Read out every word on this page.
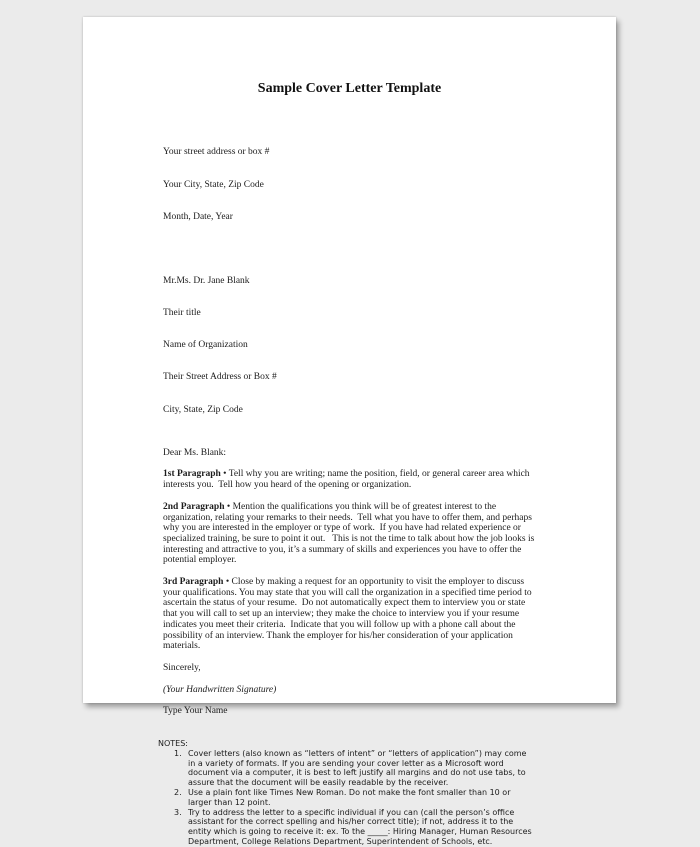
Sample Cover Letter Template

Your street address or box #

Your City, State, Zip Code

Month, Date, Year

Mr.Ms. Dr. Jane Blank

Their title

Name of Organization

Their Street Address or Box #

City, State, Zip Code

Dear Ms. Blank:
1st Paragraph • Tell why you are writing; name the position, field, or general career area which interests you.  Tell how you heard of the opening or organization.
2nd Paragraph • Mention the qualifications you think will be of greatest interest to the organization, relating your remarks to their needs.  Tell what you have to offer them, and perhaps why you are interested in the employer or type of work.  If you have had related experience or specialized training, be sure to point it out.   This is not the time to talk about how the job looks is interesting and attractive to you, it’s a summary of skills and experiences you have to offer the potential employer.
3rd Paragraph • Close by making a request for an opportunity to visit the employer to discuss your qualifications. You may state that you will call the organization in a specified time period to ascertain the status of your resume.  Do not automatically expect them to interview you or state that you will call to set up an interview; they make the choice to interview you if your resume indicates you meet their criteria.  Indicate that you will follow up with a phone call about the possibility of an interview. Thank the employer for his/her consideration of your application materials.
Sincerely,
(Your Handwritten Signature)
Type Your Name
NOTES:
1. Cover letters (also known as “letters of intent” or “letters of application”) may come in a variety of formats. If you are sending your cover letter as a Microsoft word document via a computer, it is best to left justify all margins and do not use tabs, to assure that the document will be easily readable by the receiver.
2. Use a plain font like Times New Roman. Do not make the font smaller than 10 or larger than 12 point.
3. Try to address the letter to a specific individual if you can (call the person’s office assistant for the correct spelling and his/her correct title); if not, address it to the entity which is going to receive it: ex. To the _____: Hiring Manager, Human Resources Department, College Relations Department, Superintendent of Schools, etc.
